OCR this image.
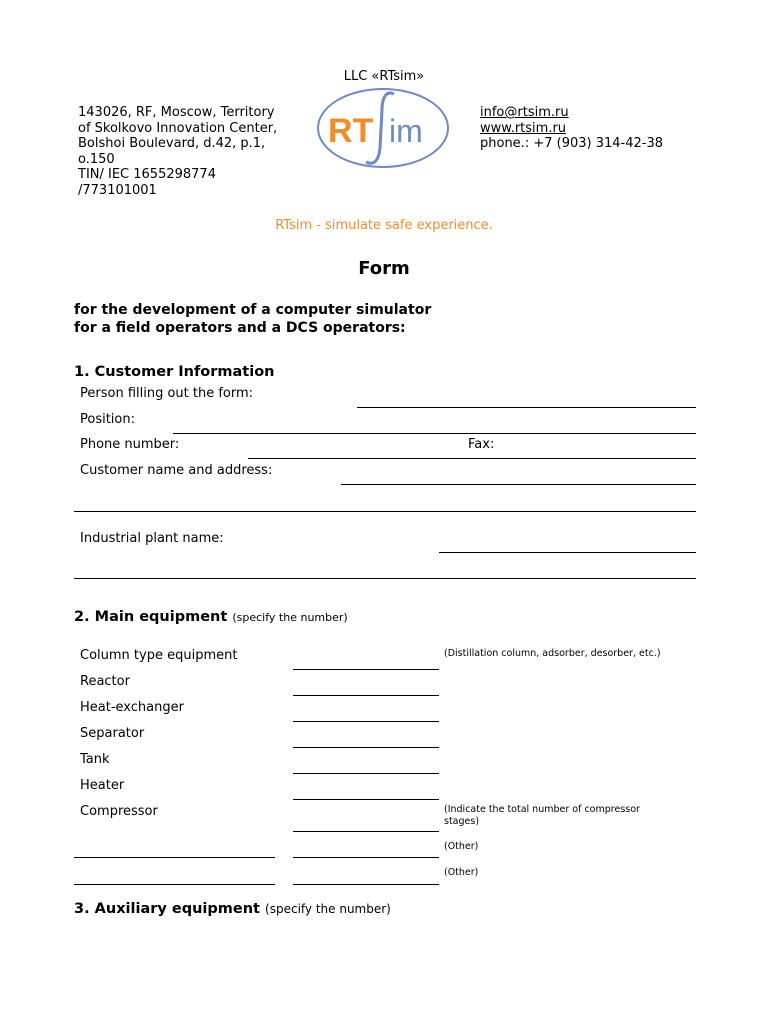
LLC «RTsim»
143026, RF, Moscow, Territory
of Skolkovo Innovation Center,
Bolshoi Boulevard, d.42, p.1,
o.150
TIN/ IEC 1655298774
/773101001
RT im
info@rtsim.ru
www.rtsim.ru
phone.: +7 (903) 314-42-38
RTsim - simulate safe experience.
Form
for the development of a computer simulator
for a field operators and a DCS operators:
1. Customer Information
Person filling out the form:
Position:
Phone number:	Fax:
Customer name and address:
Industrial plant name:
2. Main equipment (specify the number)
Column type equipment	(Distillation column, adsorber, desorber, etc.)
Reactor
Heat-exchanger
Separator
Tank
Heater
Compressor	(Indicate the total number of compressor
stages)
(Other)
(Other)
3. Auxiliary equipment (specify the number)
